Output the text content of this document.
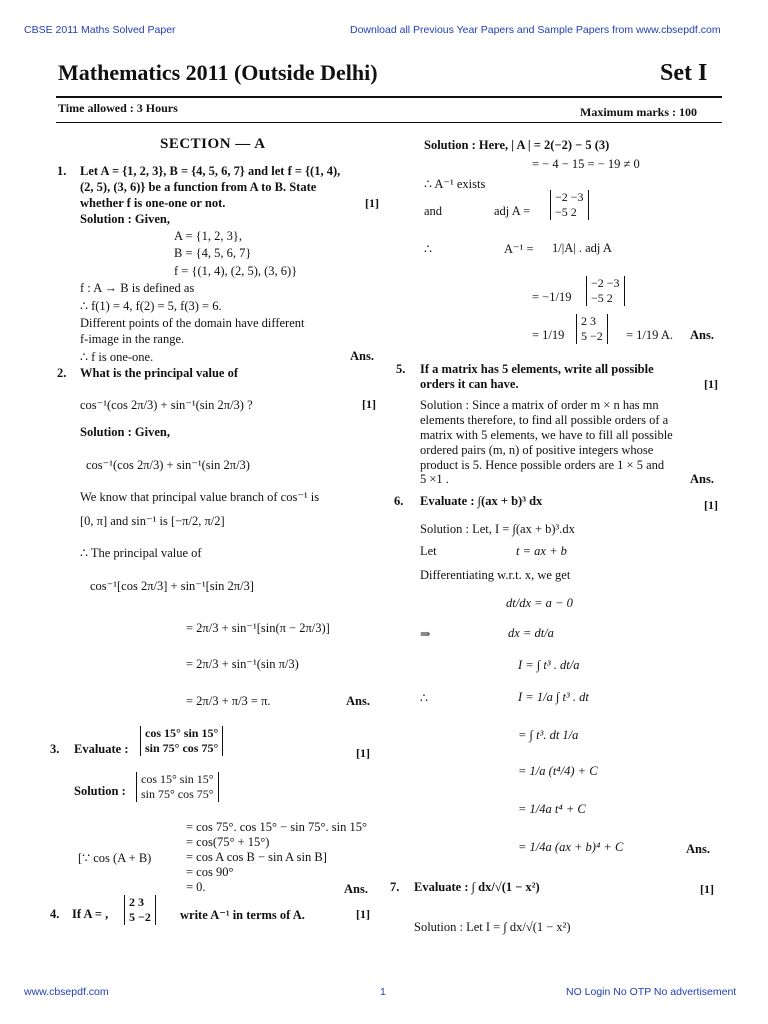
CBSE 2011 Maths Solved Paper	Download all Previous Year Papers and Sample Papers from www.cbsepdf.com
Mathematics 2011 (Outside Delhi)	Set I
Time allowed : 3 Hours	Maximum marks : 100
SECTION — A
1. Let A = {1, 2, 3}, B = {4, 5, 6, 7} and let f = {(1, 4),
(2, 5), (3, 6)} be a function from A to B. State
whether f is one-one or not.	[1]
Solution : Given,
A = {1, 2, 3},
B = {4, 5, 6, 7}
f = {(1, 4), (2, 5), (3, 6)}
f : A → B is defined as
∴ f(1) = 4, f(2) = 5, f(3) = 6.
Different points of the domain have different
f-image in the range.
∴ f is one-one.	Ans.
2. What is the principal value of
cos⁻¹(cos 2π/3) + sin⁻¹(sin 2π/3) ?	[1]
Solution : Given,
cos⁻¹(cos 2π/3) + sin⁻¹(sin 2π/3)
We know that principal value branch of cos⁻¹ is
[0, π] and sin⁻¹ is [−π/2, π/2]
∴ The principal value of
cos⁻¹[cos 2π/3] + sin⁻¹[sin 2π/3]
= 2π/3 + sin⁻¹[sin(π − 2π/3)]
= 2π/3 + sin⁻¹(sin π/3)
= 2π/3 + π/3 = π.	Ans.
3. Evaluate :
cos 15° sin 15°
sin 75° cos 75°	[1]
Solution :
cos 15° sin 15°
sin 75° cos 75°
= cos 75°. cos 15° − sin 75°. sin 15°
= cos(75° + 15°)
[∵ cos (A + B)	= cos A cos B − sin A sin B]
= cos 90°
= 0.	Ans.
4. If A = ,
2 3
5 −2 write A⁻¹ in terms of A.	[1]
Solution : Here, | A | = 2(−2) − 5 (3)
= − 4 − 15 = − 19 ≠ 0
∴ A⁻¹ exists
and	adj A =
−2 −3
−5 2
∴	A⁻¹ = 1/|A| . adj A
= −1/19
−2 −3
−5 2
= 1/19
2 3
5 −2 = 1/19 A. Ans.
5. If a matrix has 5 elements, write all possible
orders it can have.	[1]
Solution : Since a matrix of order m × n has mn
elements therefore, to find all possible orders of a
matrix with 5 elements, we have to fill all possible
ordered pairs (m, n) of positive integers whose
product is 5. Hence possible orders are 1 × 5 and
5 ×1 .	Ans.
6. Evaluate : ∫(ax + b)³ dx	[1]
Solution : Let, I = ∫(ax + b)³.dx
Let	t = ax + b
Differentiating w.r.t. x, we get
dt/dx = a − 0
⇒	dx = dt/a
I = ∫ t³ . dt/a
∴	I = 1/a ∫ t³ . dt
= ∫ t³. dt 1/a
= 1/a (t⁴/4) + C
= 1/4a t⁴ + C
= 1/4a (ax + b)⁴ + C	Ans.
7. Evaluate : ∫ dx/√(1 − x²)	[1]
Solution : Let I = ∫ dx/√(1 − x²)
www.cbsepdf.com	1	NO Login No OTP No advertisement
